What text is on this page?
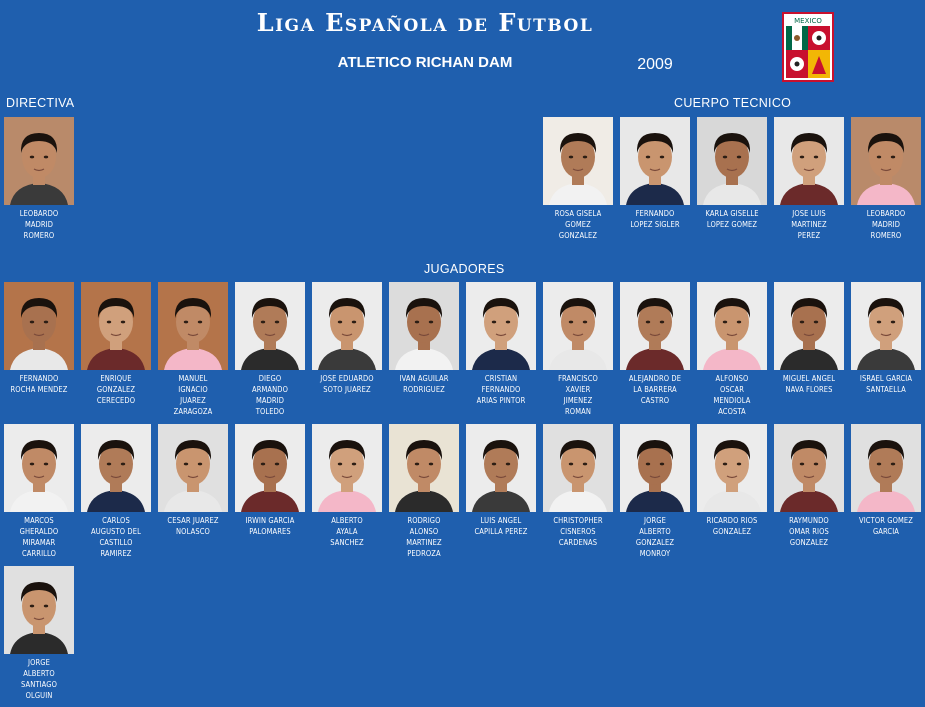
Liga Española de Futbol
ATLETICO RICHAN DAM	2009
MEXICO
DIRECTIVA	CUERPO TECNICO
JUGADORES
LEOBARDO
MADRID
ROMERO
ROSA GISELA
GOMEZ
GONZALEZ
FERNANDO
LOPEZ SIGLER
KARLA GISELLE
LOPEZ GOMEZ
JOSE LUIS
MARTINEZ
PEREZ
LEOBARDO
MADRID
ROMERO
FERNANDO
ROCHA MENDEZ
ENRIQUE
GONZALEZ
CERECEDO
MANUEL
IGNACIO
JUAREZ
ZARAGOZA
DIEGO
ARMANDO
MADRID
TOLEDO
JOSE EDUARDO
SOTO JUAREZ
IVAN AGUILAR
RODRIGUEZ
CRISTIAN
FERNANDO
ARIAS PINTOR
FRANCISCO
XAVIER
JIMENEZ
ROMAN
ALEJANDRO DE
LA BARRERA
CASTRO
ALFONSO
OSCAR
MENDIOLA
ACOSTA
MIGUEL ANGEL
NAVA FLORES
ISRAEL GARCIA
SANTAELLA
MARCOS
GHERALDO
MIRAMAR
CARRILLO
CARLOS
AUGUSTO DEL
CASTILLO
RAMIREZ
CESAR JUAREZ
NOLASCO
IRWIN GARCIA
PALOMARES
ALBERTO
AYALA
SANCHEZ
RODRIGO
ALONSO
MARTINEZ
PEDROZA
LUIS ANGEL
CAPILLA PEREZ
CHRISTOPHER
CISNEROS
CARDENAS
JORGE
ALBERTO
GONZALEZ
MONROY
RICARDO RIOS
GONZALEZ
RAYMUNDO
OMAR RIOS
GONZALEZ
VICTOR GOMEZ
GARCIA
JORGE
ALBERTO
SANTIAGO
OLGUIN
